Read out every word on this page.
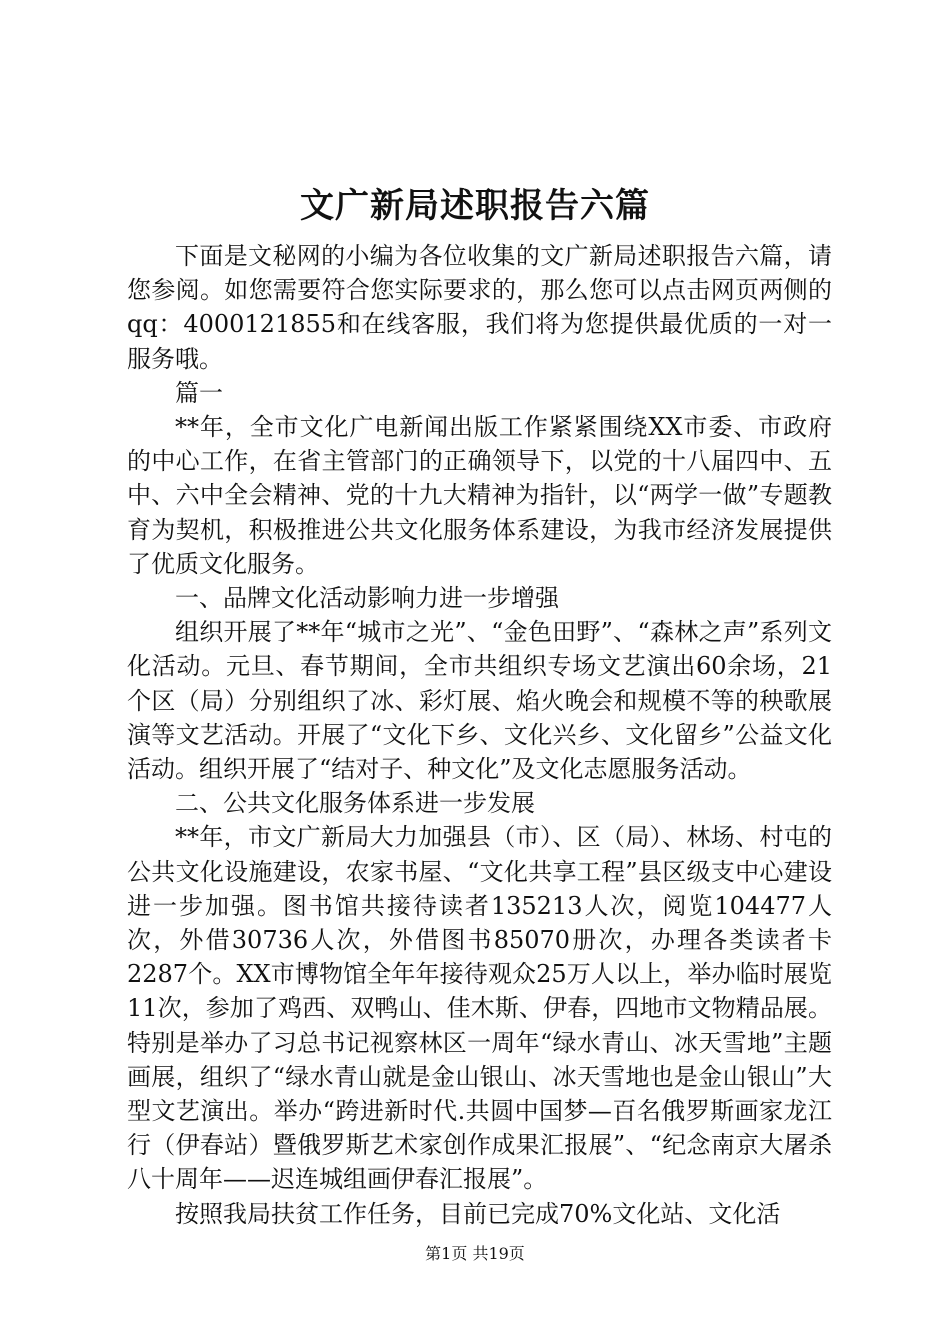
文广新局述职报告六篇

下面是文秘网的小编为各位收集的文广新局述职报告六篇，请您参阅。如您需要符合您实际要求的，那么您可以点击网页两侧的qq：4000121855和在线客服，我们将为您提供最优质的一对一服务哦。

篇一

**年，全市文化广电新闻出版工作紧紧围绕XX市委、市政府的中心工作，在省主管部门的正确领导下，以党的十八届四中、五中、六中全会精神、党的十九大精神为指针，以“两学一做”专题教育为契机，积极推进公共文化服务体系建设，为我市经济发展提供了优质文化服务。

一、品牌文化活动影响力进一步增强

组织开展了**年“城市之光”、“金色田野”、“森林之声”系列文化活动。元旦、春节期间，全市共组织专场文艺演出60余场，21个区（局）分别组织了冰、彩灯展、焰火晚会和规模不等的秧歌展演等文艺活动。开展了“文化下乡、文化兴乡、文化留乡”公益文化活动。组织开展了“结对子、种文化”及文化志愿服务活动。

二、公共文化服务体系进一步发展

**年，市文广新局大力加强县（市）、区（局）、林场、村屯的公共文化设施建设，农家书屋、“文化共享工程”县区级支中心建设进一步加强。图书馆共接待读者135213人次，阅览104477人次，外借30736人次，外借图书85070册次，办理各类读者卡2287个。XX市博物馆全年年接待观众25万人以上，举办临时展览11次，参加了鸡西、双鸭山、佳木斯、伊春，四地市文物精品展。特别是举办了习总书记视察林区一周年“绿水青山、冰天雪地”主题画展，组织了“绿水青山就是金山银山、冰天雪地也是金山银山”大型文艺演出。举办“跨进新时代.共圆中国梦—百名俄罗斯画家龙江行（伊春站）暨俄罗斯艺术家创作成果汇报展”、“纪念南京大屠杀八十周年——迟连城组画伊春汇报展”。

按照我局扶贫工作任务，目前已完成70%文化站、文化活

第1页 共19页
